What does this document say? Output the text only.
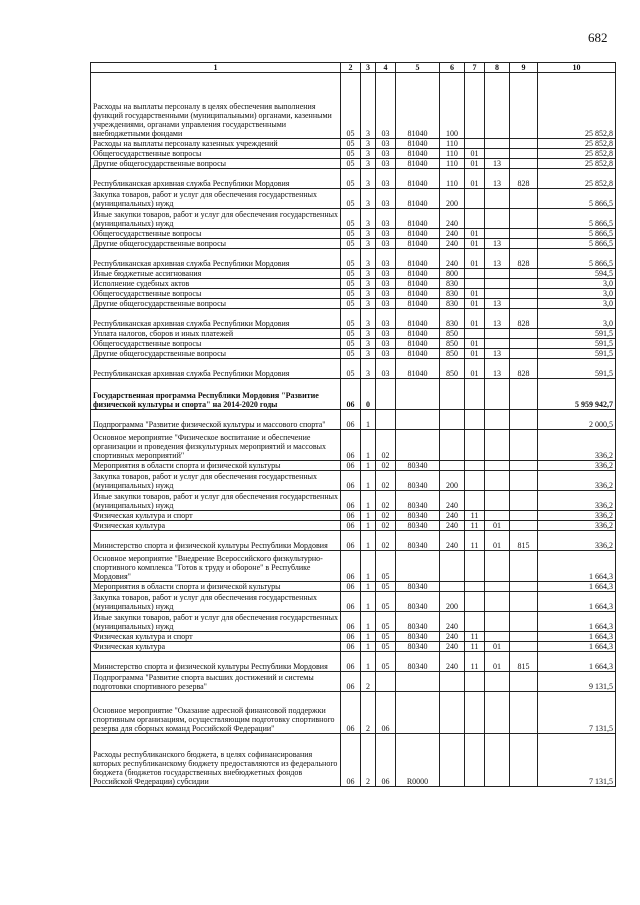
682
1	2	3	4	5	6	7	8	9	10
Расходы на выплаты персоналу в целях обеспечения выполнения функций государственными (муниципальными) органами, казенными учреждениями, органами управления государственными внебюджетными фондами	05	3	03	81040	100				25 852,8
Расходы на выплаты персоналу казенных учреждений	05	3	03	81040	110				25 852,8
Общегосударственные вопросы	05	3	03	81040	110	01			25 852,8
Другие общегосударственные вопросы	05	3	03	81040	110	01	13		25 852,8
Республиканская архивная служба Республики Мордовия	05	3	03	81040	110	01	13	828	25 852,8
Закупка товаров, работ и услуг для обеспечения государственных (муниципальных) нужд	05	3	03	81040	200				5 866,5
Иные закупки товаров, работ и услуг для обеспечения государственных (муниципальных) нужд	05	3	03	81040	240				5 866,5
Общегосударственные вопросы	05	3	03	81040	240	01			5 866,5
Другие общегосударственные вопросы	05	3	03	81040	240	01	13		5 866,5
Республиканская архивная служба Республики Мордовия	05	3	03	81040	240	01	13	828	5 866,5
Иные бюджетные ассигнования	05	3	03	81040	800				594,5
Исполнение судебных актов	05	3	03	81040	830				3,0
Общегосударственные вопросы	05	3	03	81040	830	01			3,0
Другие общегосударственные вопросы	05	3	03	81040	830	01	13		3,0
Республиканская архивная служба Республики Мордовия	05	3	03	81040	830	01	13	828	3,0
Уплата налогов, сборов и иных платежей	05	3	03	81040	850				591,5
Общегосударственные вопросы	05	3	03	81040	850	01			591,5
Другие общегосударственные вопросы	05	3	03	81040	850	01	13		591,5
Республиканская архивная служба Республики Мордовия	05	3	03	81040	850	01	13	828	591,5
Государственная программа Республики Мордовия "Развитие физической культуры и спорта" на 2014-2020 годы	06	0							5 959 942,7
Подпрограмма "Развитие физической культуры и массового спорта"	06	1							2 000,5
Основное мероприятие "Физическое воспитание и обеспечение организации и проведения физкультурных мероприятий и массовых спортивных мероприятий"	06	1	02						336,2
Мероприятия в области спорта и физической культуры	06	1	02	80340					336,2
Закупка товаров, работ и услуг для обеспечения государственных (муниципальных) нужд	06	1	02	80340	200				336,2
Иные закупки товаров, работ и услуг для обеспечения государственных (муниципальных) нужд	06	1	02	80340	240				336,2
Физическая культура и спорт	06	1	02	80340	240	11			336,2
Физическая культура	06	1	02	80340	240	11	01		336,2
Министерство спорта и физической культуры Республики Мордовия	06	1	02	80340	240	11	01	815	336,2
Основное мероприятие "Внедрение Всероссийского физкультурно-спортивного комплекса "Готов к труду и обороне" в Республике Мордовия"	06	1	05						1 664,3
Мероприятия в области спорта и физической культуры	06	1	05	80340					1 664,3
Закупка товаров, работ и услуг для обеспечения государственных (муниципальных) нужд	06	1	05	80340	200				1 664,3
Иные закупки товаров, работ и услуг для обеспечения государственных (муниципальных) нужд	06	1	05	80340	240				1 664,3
Физическая культура и спорт	06	1	05	80340	240	11			1 664,3
Физическая культура	06	1	05	80340	240	11	01		1 664,3
Министерство спорта и физической культуры Республики Мордовия	06	1	05	80340	240	11	01	815	1 664,3
Подпрограмма "Развитие спорта высших достижений и системы подготовки спортивного резерва"	06	2							9 131,5
Основное мероприятие "Оказание адресной финансовой поддержки спортивным организациям, осуществляющим подготовку спортивного резерва для сборных команд Российской Федерации"	06	2	06						7 131,5
Расходы республиканского бюджета, в целях софинансирования которых республиканскому бюджету предоставляются из федерального бюджета (бюджетов государственных внебюджетных фондов Российской Федерации) субсидии	06	2	06	R0000					7 131,5
